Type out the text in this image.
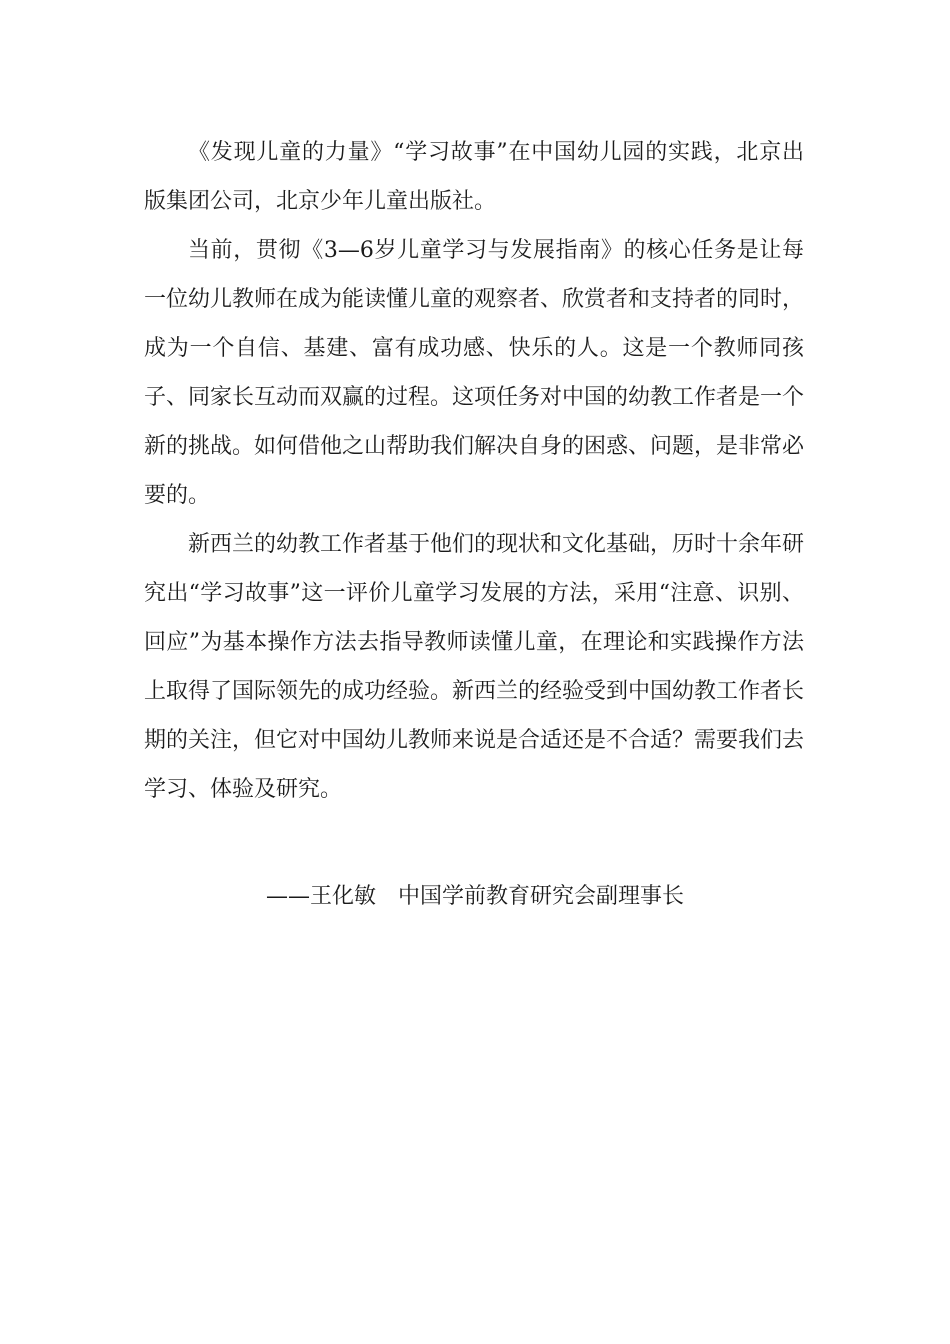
《发现儿童的力量》“学习故事”在中国幼儿园的实践，北京出版集团公司，北京少年儿童出版社。

当前，贯彻《3—6岁儿童学习与发展指南》的核心任务是让每一位幼儿教师在成为能读懂儿童的观察者、欣赏者和支持者的同时，成为一个自信、基建、富有成功感、快乐的人。这是一个教师同孩子、同家长互动而双赢的过程。这项任务对中国的幼教工作者是一个新的挑战。如何借他之山帮助我们解决自身的困惑、问题，是非常必要的。

新西兰的幼教工作者基于他们的现状和文化基础，历时十余年研究出“学习故事”这一评价儿童学习发展的方法，采用“注意、识别、回应”为基本操作方法去指导教师读懂儿童，在理论和实践操作方法上取得了国际领先的成功经验。新西兰的经验受到中国幼教工作者长期的关注，但它对中国幼儿教师来说是合适还是不合适？需要我们去学习、体验及研究。

——王化敏　中国学前教育研究会副理事长
